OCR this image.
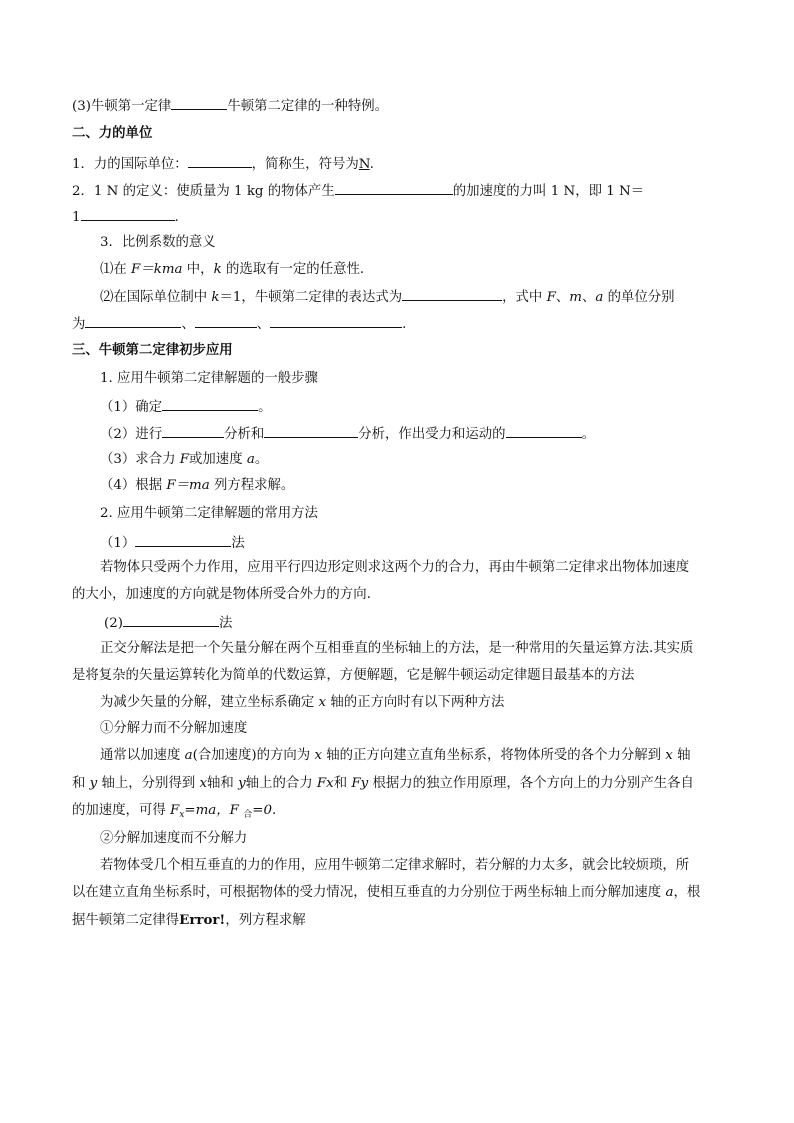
(3)牛顿第一定律	牛顿第二定律的一种特例。
二、力的单位
1．力的国际单位：	，简称生，符号为N.
2．1 N 的定义：使质量为 1 kg 的物体产生	的加速度的力叫 1 N，即 1 N＝
1	.
3．比例系数的意义
⑴在 F＝kma 中，k 的选取有一定的任意性．
⑵在国际单位制中 k＝1，牛顿第二定律的表达式为	，式中 F、m、a 的单位分别
为	、	、	.
三、牛顿第二定律初步应用
1. 应用牛顿第二定律解题的一般步骤
（1）确定	。
（2）进行	分析和	分析，作出受力和运动的	。
（3）求合力 F或加速度 a。
（4）根据 F＝ma 列方程求解。
2. 应用牛顿第二定律解题的常用方法
（1）	法
若物体只受两个力作用，应用平行四边形定则求这两个力的合力，再由牛顿第二定律求出物体加速度
的大小，加速度的方向就是物体所受合外力的方向.
(2)	法
正交分解法是把一个矢量分解在两个互相垂直的坐标轴上的方法，是一种常用的矢量运算方法.其实质
是将复杂的矢量运算转化为简单的代数运算，方便解题，它是解牛顿运动定律题目最基本的方法
为减少矢量的分解，建立坐标系确定 x 轴的正方向时有以下两种方法
①分解力而不分解加速度
通常以加速度 a(合加速度)的方向为 x 轴的正方向建立直角坐标系，将物体所受的各个力分解到 x 轴
和 y 轴上，分别得到 x轴和 y轴上的合力 Fx和 Fy 根据力的独立作用原理，各个方向上的力分别产生各自
的加速度，可得 $F_x=ma$，F $_合$=0.
②分解加速度而不分解力
若物体受几个相互垂直的力的作用，应用牛顿第二定律求解时，若分解的力太多，就会比较烦琐，所
以在建立直角坐标系时，可根据物体的受力情况，使相互垂直的力分别位于两坐标轴上而分解加速度 a，根
据牛顿第二定律得Error!，列方程求解
